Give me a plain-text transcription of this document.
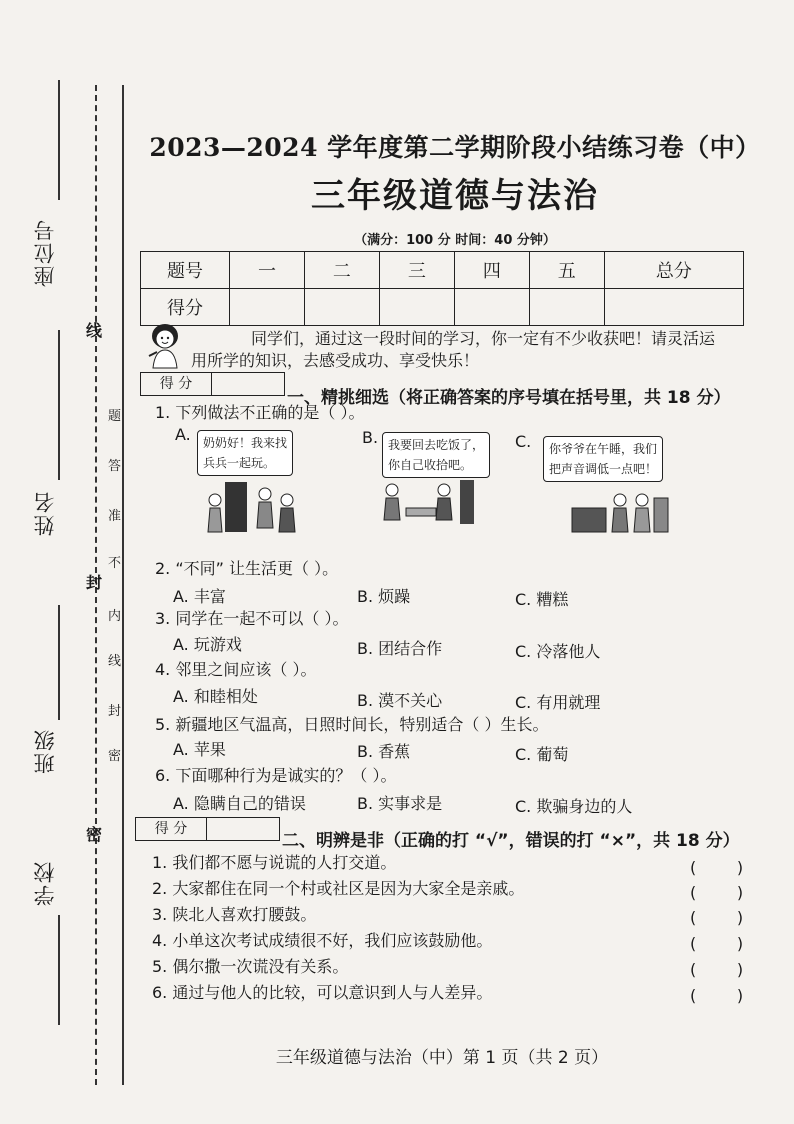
座位号
姓名
班级
学校
线
封
密
密
封
线
内
不
准
答
题
2023—2024 学年度第二学期阶段小结练习卷（中）
三年级道德与法治
（满分：100 分 时间：40 分钟）
题号	一	二	三	四	五	总分
得分						
同学们，通过这一段时间的学习，你一定有不少收获吧！请灵活运
用所学的知识，去感受成功、享受快乐！
得 分
一、精挑细选（将正确答案的序号填在括号里，共 18 分）
1. 下列做法不正确的是（ ）。
A. 奶奶好！我来找
兵兵一起玩。
B. 我要回去吃饭了，
你自己收拾吧。
C. 你爷爷在午睡，我们
把声音调低一点吧！
2. “不同” 让生活更（ ）。
A. 丰富	B. 烦躁	C. 糟糕
3. 同学在一起不可以（ ）。
A. 玩游戏	B. 团结合作	C. 冷落他人
4. 邻里之间应该（ ）。
A. 和睦相处	B. 漠不关心	C. 有用就理
5. 新疆地区气温高，日照时间长，特别适合（ ）生长。
A. 苹果	B. 香蕉	C. 葡萄
6. 下面哪种行为是诚实的？（ ）。
A. 隐瞒自己的错误	B. 实事求是	C. 欺骗身边的人
得 分
二、明辨是非（正确的打 “√”，错误的打 “×”，共 18 分）
1. 我们都不愿与说谎的人打交道。	(        )
2. 大家都住在同一个村或社区是因为大家全是亲戚。	(        )
3. 陕北人喜欢打腰鼓。	(        )
4. 小单这次考试成绩很不好，我们应该鼓励他。	(        )
5. 偶尔撒一次谎没有关系。	(        )
6. 通过与他人的比较，可以意识到人与人差异。	(        )
三年级道德与法治（中）第 1 页（共 2 页）
